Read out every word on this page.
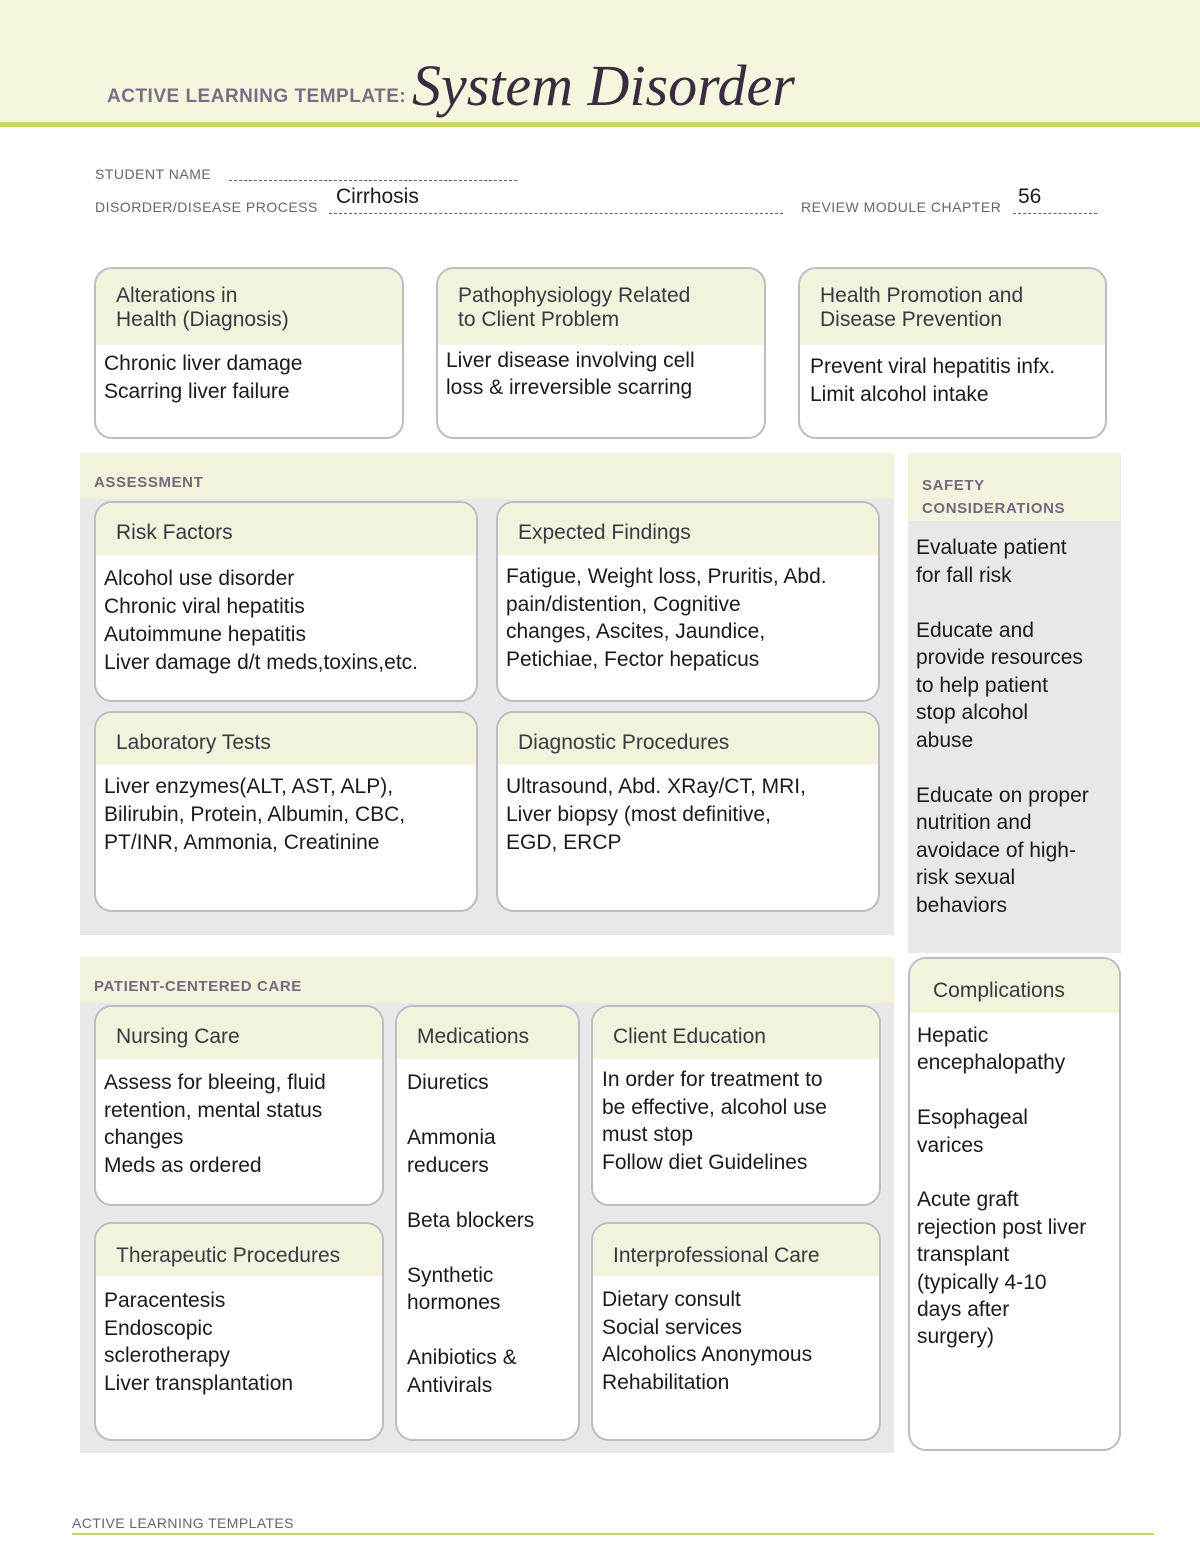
ACTIVE LEARNING TEMPLATE: System Disorder
STUDENT NAME
DISORDER/DISEASE PROCESS Cirrhosis	REVIEW MODULE CHAPTER 56
Alterations in
Health (Diagnosis)
Chronic liver damage
Scarring liver failure
Pathophysiology Related
to Client Problem
Liver disease involving cell
loss & irreversible scarring
Health Promotion and
Disease Prevention
Prevent viral hepatitis infx.
Limit alcohol intake
ASSESSMENT
Risk Factors
Alcohol use disorder
Chronic viral hepatitis
Autoimmune hepatitis
Liver damage d/t meds,toxins,etc.
Expected Findings
Fatigue, Weight loss, Pruritis, Abd.
pain/distention, Cognitive
changes, Ascites, Jaundice,
Petichiae, Fector hepaticus
Laboratory Tests
Liver enzymes(ALT, AST, ALP),
Bilirubin, Protein, Albumin, CBC,
PT/INR, Ammonia, Creatinine
Diagnostic Procedures
Ultrasound, Abd. XRay/CT, MRI,
Liver biopsy (most definitive,
EGD, ERCP
SAFETY
CONSIDERATIONS
Evaluate patient
for fall risk

Educate and
provide resources
to help patient
stop alcohol
abuse

Educate on proper
nutrition and
avoidace of high-
risk sexual
behaviors
PATIENT-CENTERED CARE
Nursing Care
Assess for bleeing, fluid
retention, mental status
changes
Meds as ordered
Medications
Diuretics

Ammonia
reducers

Beta blockers

Synthetic
hormones

Anibiotics &
Antivirals
Client Education
In order for treatment to
be effective, alcohol use
must stop
Follow diet Guidelines
Therapeutic Procedures
Paracentesis
Endoscopic
sclerotherapy
Liver transplantation
Interprofessional Care
Dietary consult
Social services
Alcoholics Anonymous
Rehabilitation
Complications
Hepatic
encephalopathy

Esophageal
varices

Acute graft
rejection post liver
transplant
(typically 4-10
days after
surgery)
ACTIVE LEARNING TEMPLATES
